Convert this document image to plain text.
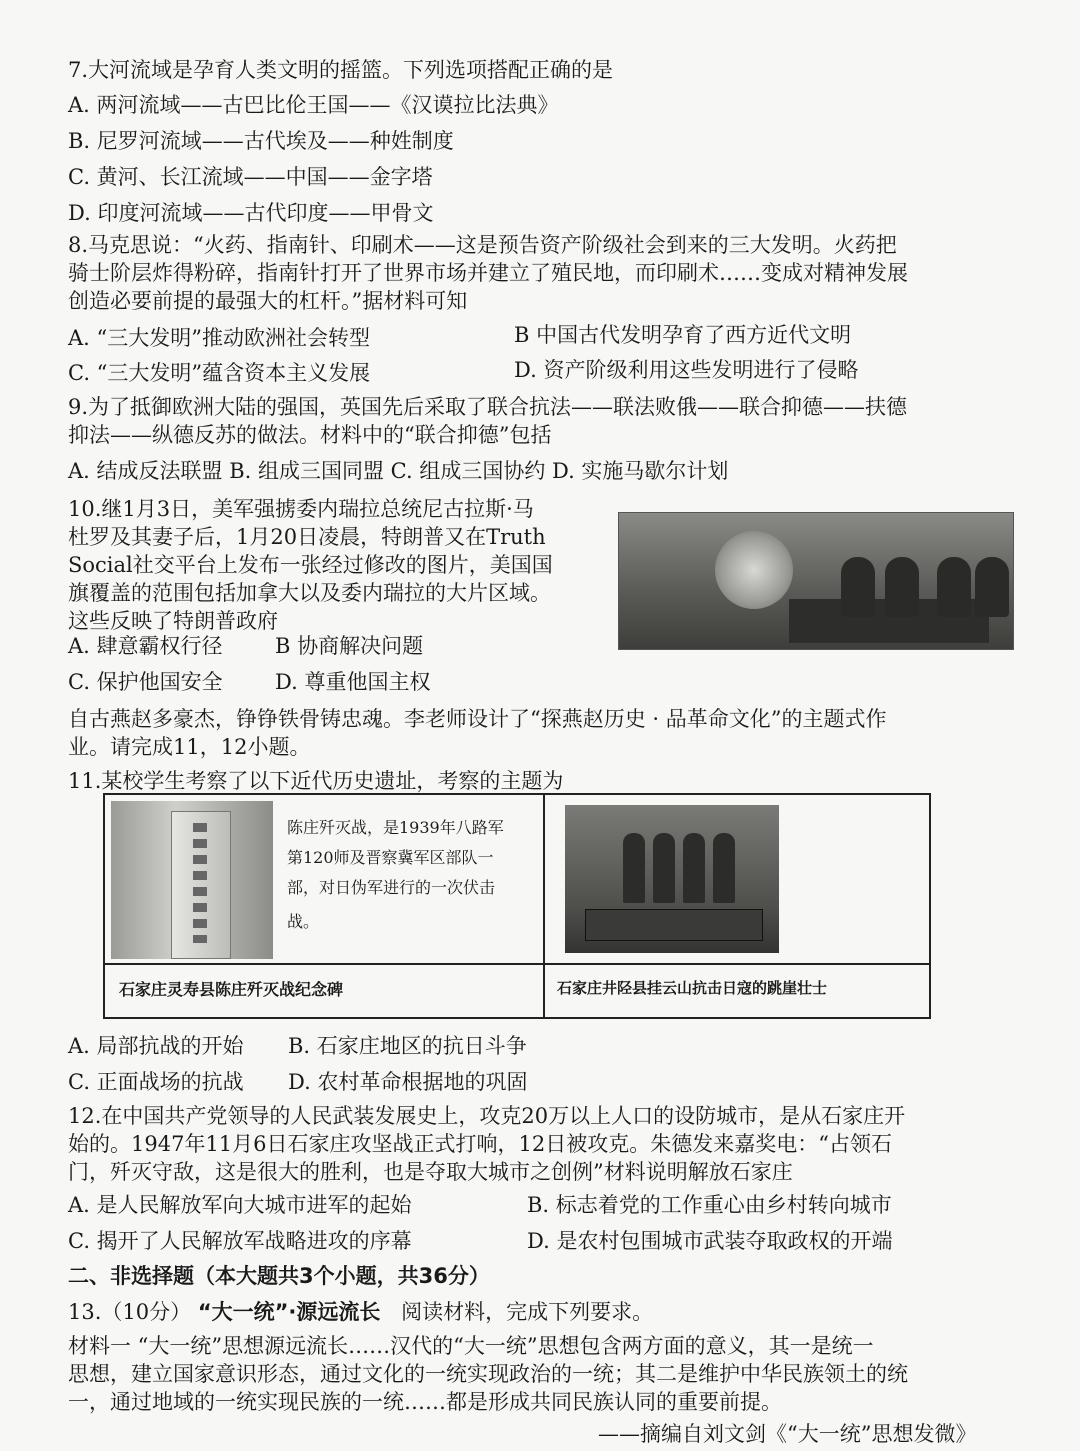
7.大河流域是孕育人类文明的摇篮。下列选项搭配正确的是
A. 两河流域——古巴比伦王国——《汉谟拉比法典》
B. 尼罗河流域——古代埃及——种姓制度
C. 黄河、长江流域——中国——金字塔
D. 印度河流域——古代印度——甲骨文
8.马克思说：“火药、指南针、印刷术——这是预告资产阶级社会到来的三大发明。火药把
骑士阶层炸得粉碎，指南针打开了世界市场并建立了殖民地，而印刷术……变成对精神发展
创造必要前提的最强大的杠杆。”据材料可知
A. “三大发明”推动欧洲社会转型	B 中国古代发明孕育了西方近代文明
C. “三大发明”蕴含资本主义发展	D. 资产阶级利用这些发明进行了侵略
9.为了抵御欧洲大陆的强国，英国先后采取了联合抗法——联法败俄——联合抑德——扶德
抑法——纵德反苏的做法。材料中的“联合抑德”包括
A. 结成反法联盟 B. 组成三国同盟 C. 组成三国协约 D. 实施马歇尔计划
10.继1月3日，美军强掳委内瑞拉总统尼古拉斯·马
杜罗及其妻子后，1月20日凌晨，特朗普又在Truth
Social社交平台上发布一张经过修改的图片，美国国
旗覆盖的范围包括加拿大以及委内瑞拉的大片区域。
这些反映了特朗普政府
A. 肆意霸权行径 B 协商解决问题
C. 保护他国安全 D. 尊重他国主权
自古燕赵多豪杰，铮铮铁骨铸忠魂。李老师设计了“探燕赵历史 · 品革命文化”的主题式作
业。请完成11，12小题。
11.某校学生考察了以下近代历史遗址，考察的主题为
陈庄歼灭战，是1939年八路军
第120师及晋察冀军区部队一
部，对日伪军进行的一次伏击
战。
石家庄灵寿县陈庄歼灭战纪念碑	石家庄井陉县挂云山抗击日寇的跳崖壮士
A. 局部抗战的开始 B. 石家庄地区的抗日斗争
C. 正面战场的抗战 D. 农村革命根据地的巩固
12.在中国共产党领导的人民武装发展史上，攻克20万以上人口的设防城市，是从石家庄开
始的。1947年11月6日石家庄攻坚战正式打响，12日被攻克。朱德发来嘉奖电：“占领石
门，歼灭守敌，这是很大的胜利，也是夺取大城市之创例”材料说明解放石家庄
A. 是人民解放军向大城市进军的起始	B. 标志着党的工作重心由乡村转向城市
C. 揭开了人民解放军战略进攻的序幕	D. 是农村包围城市武装夺取政权的开端
二、非选择题（本大题共3个小题，共36分）
13.（10分） “大一统”·源远流长 阅读材料，完成下列要求。
材料一 “大一统”思想源远流长……汉代的“大一统”思想包含两方面的意义，其一是统一
思想，建立国家意识形态，通过文化的一统实现政治的一统；其二是维护中华民族领土的统
一，通过地域的一统实现民族的一统……都是形成共同民族认同的重要前提。
——摘编自刘文剑《“大一统”思想发微》
